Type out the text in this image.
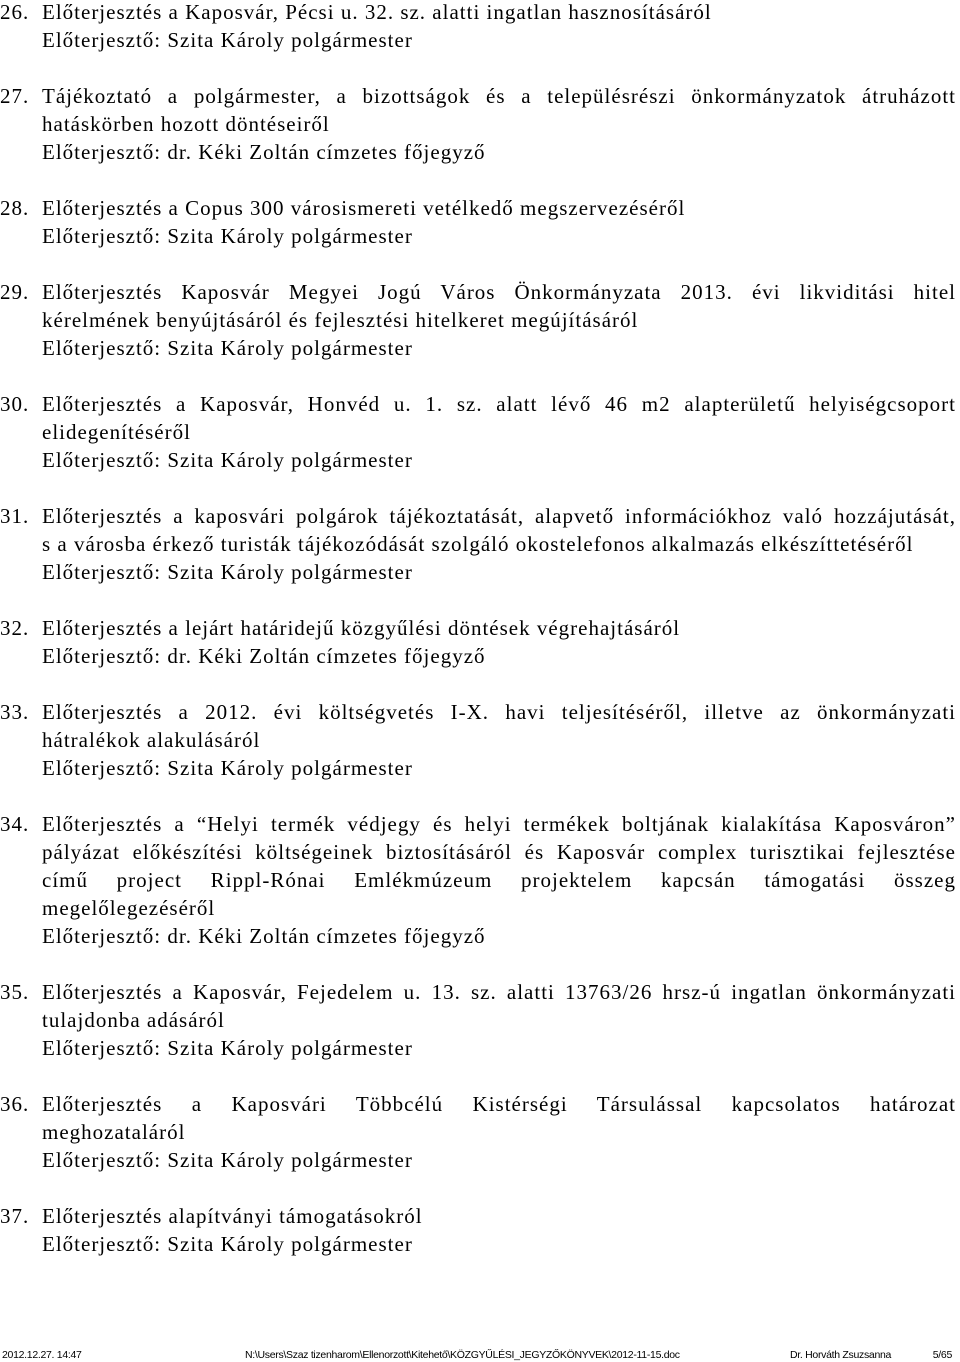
26. Előterjesztés a Kaposvár, Pécsi u. 32. sz. alatti ingatlan hasznosításáról
Előterjesztő: Szita Károly polgármester
27. Tájékoztató a polgármester, a bizottságok és a településrészi önkormányzatok átruházott
hatáskörben hozott döntéseiről
Előterjesztő: dr. Kéki Zoltán címzetes főjegyző
28. Előterjesztés a Copus 300 városismereti vetélkedő megszervezéséről
Előterjesztő: Szita Károly polgármester
29. Előterjesztés Kaposvár Megyei Jogú Város Önkormányzata 2013. évi likviditási hitel
kérelmének benyújtásáról és fejlesztési hitelkeret megújításáról
Előterjesztő: Szita Károly polgármester
30. Előterjesztés a Kaposvár, Honvéd u. 1. sz. alatt lévő 46 m2 alapterületű helyiségcsoport
elidegenítéséről
Előterjesztő: Szita Károly polgármester
31. Előterjesztés a kaposvári polgárok tájékoztatását, alapvető információkhoz való hozzájutását,
s a városba érkező turisták tájékozódását szolgáló okostelefonos alkalmazás elkészíttetéséről
Előterjesztő: Szita Károly polgármester
32. Előterjesztés a lejárt határidejű közgyűlési döntések végrehajtásáról
Előterjesztő: dr. Kéki Zoltán címzetes főjegyző
33. Előterjesztés a 2012. évi költségvetés I-X. havi teljesítéséről, illetve az önkormányzati
hátralékok alakulásáról
Előterjesztő: Szita Károly polgármester
34. Előterjesztés a “Helyi termék védjegy és helyi termékek boltjának kialakítása Kaposváron”
pályázat előkészítési költségeinek biztosításáról és Kaposvár complex turisztikai fejlesztése
című project Rippl-Rónai Emlékmúzeum projektelem kapcsán támogatási összeg
megelőlegezéséről
Előterjesztő: dr. Kéki Zoltán címzetes főjegyző
35. Előterjesztés a Kaposvár, Fejedelem u. 13. sz. alatti 13763/26 hrsz-ú ingatlan önkormányzati
tulajdonba adásáról
Előterjesztő: Szita Károly polgármester
36. Előterjesztés a Kaposvári Többcélú Kistérségi Társulással kapcsolatos határozat
meghozataláról
Előterjesztő: Szita Károly polgármester
37. Előterjesztés alapítványi támogatásokról
Előterjesztő: Szita Károly polgármester
2012.12.27. 14:47	N:\Users\Szaz tizenharom\Ellenorzott\Kitehető\KÖZGYŰLÉSI_JEGYZŐKÖNYVEK\2012-11-15.doc	Dr. Horváth Zsuzsanna	5/65
